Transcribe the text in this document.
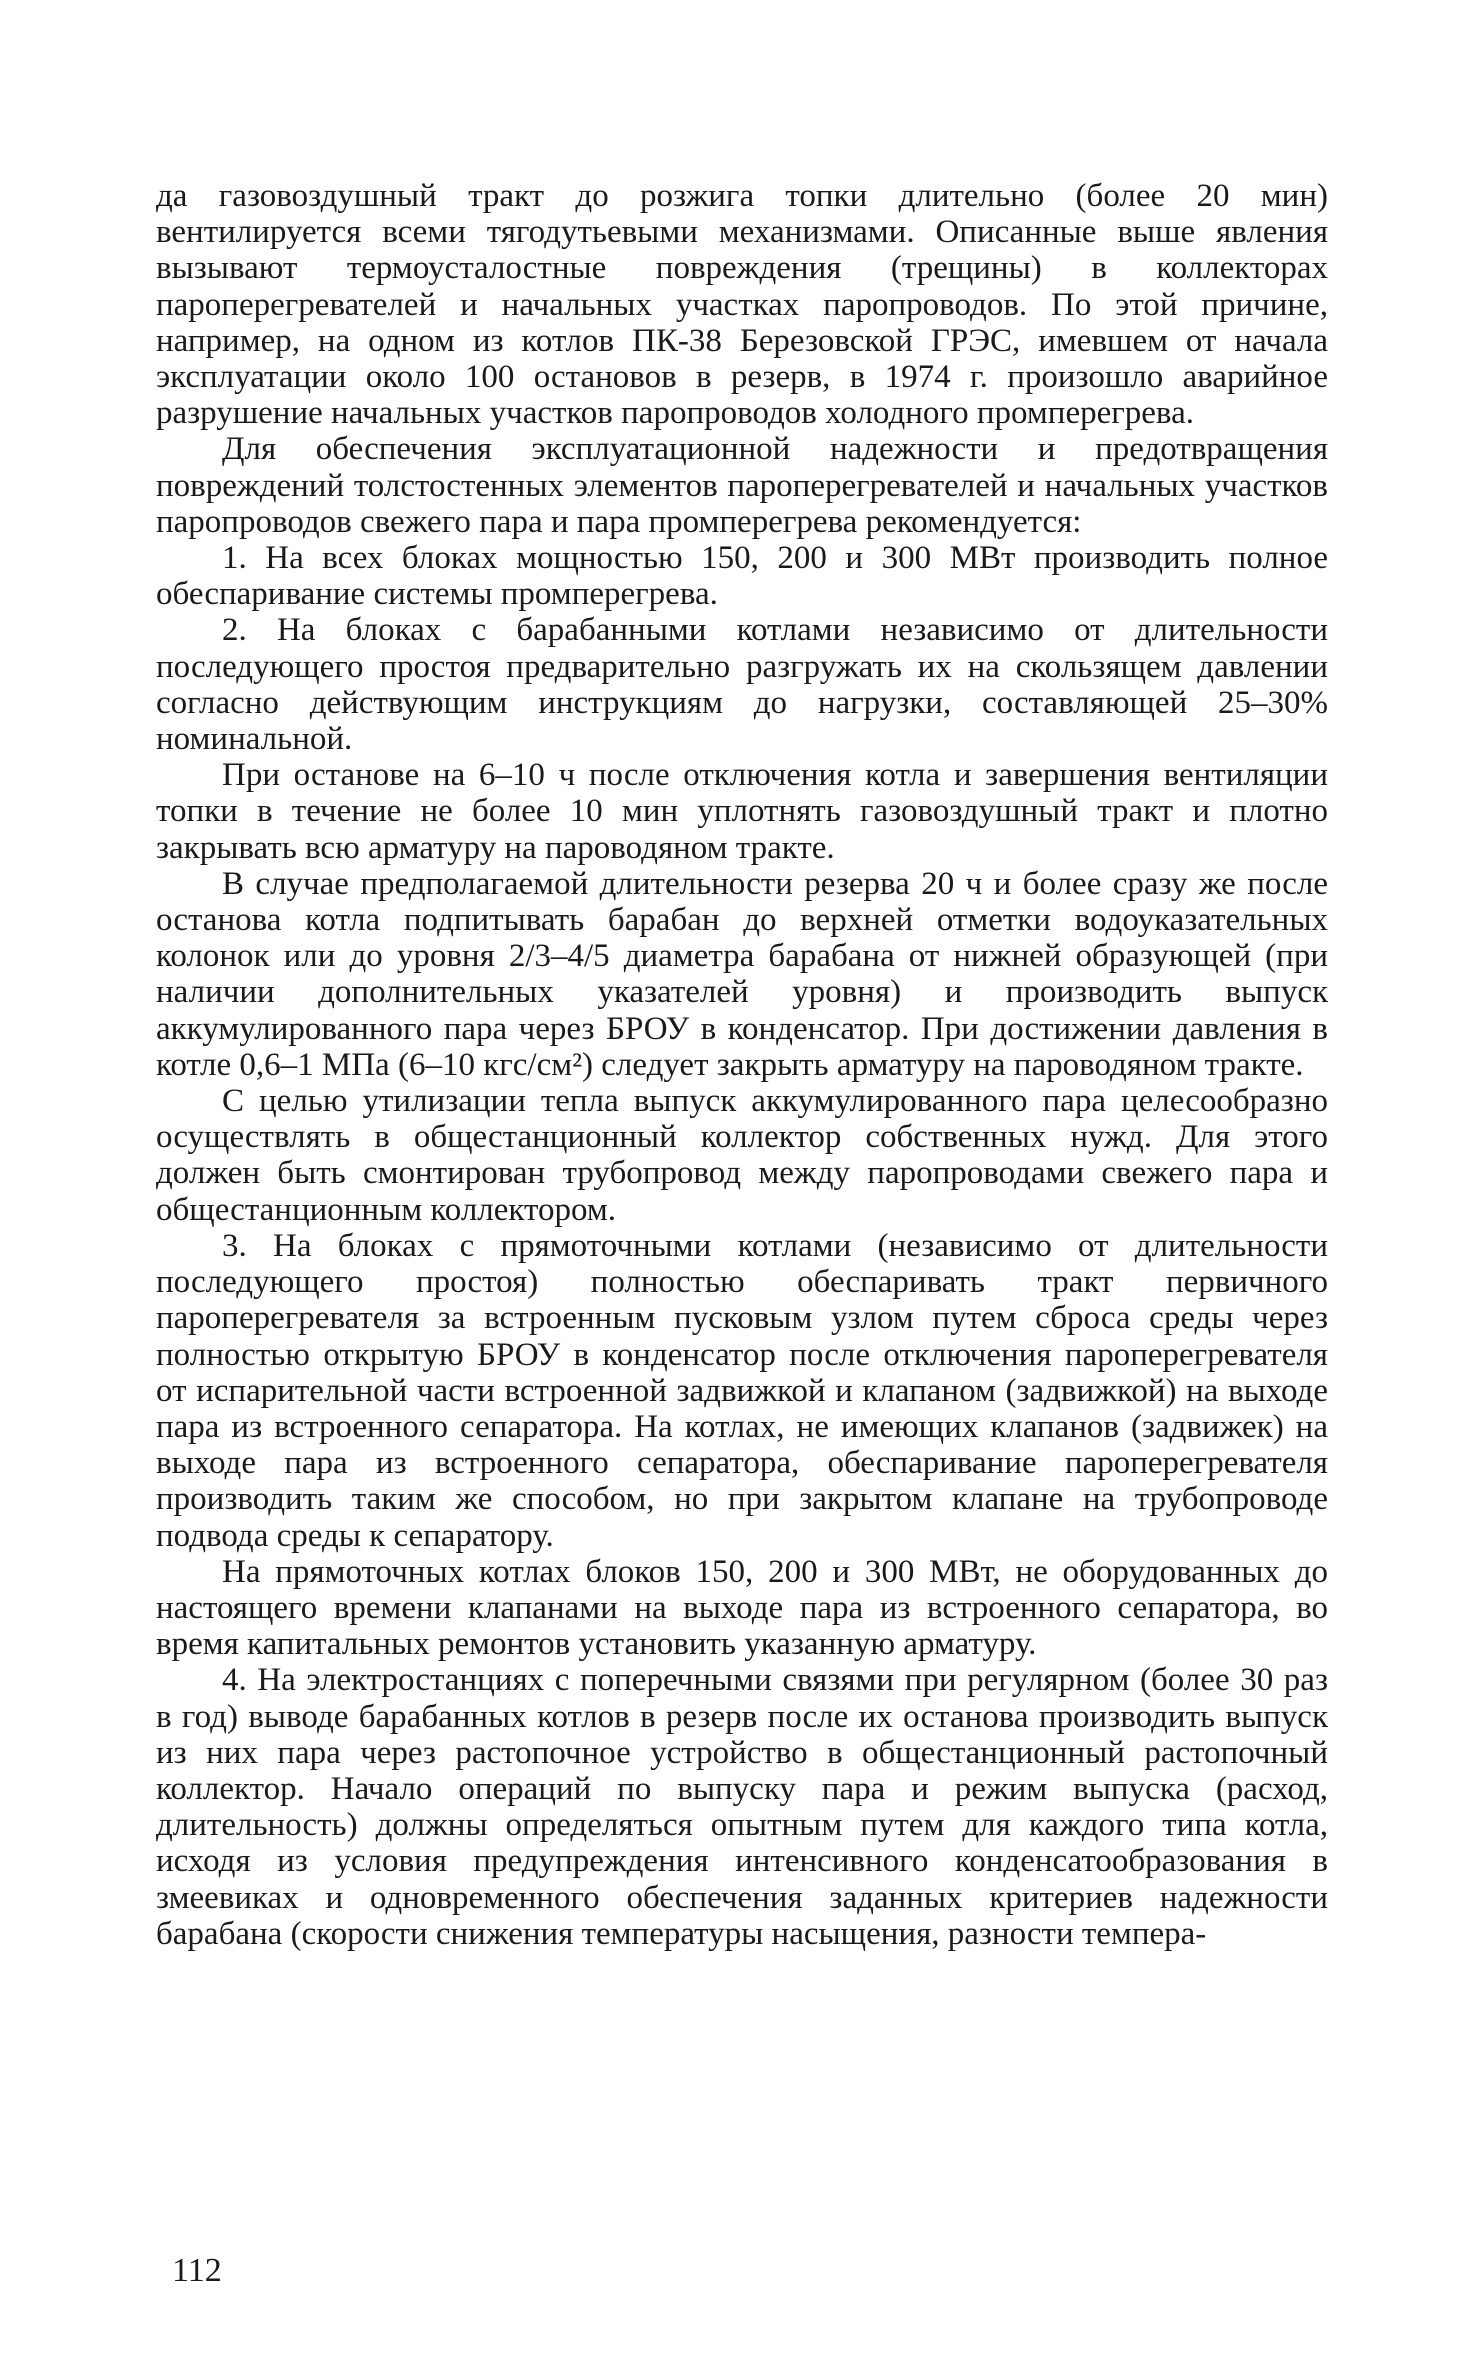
да газовоздушный тракт до розжига топки длительно (более 20 мин) вентилируется всеми тягодутьевыми механизмами. Описанные выше явления вызывают термоусталостные повреждения (трещины) в коллекторах пароперегревателей и начальных участках паропроводов. По этой причине, например, на одном из котлов ПК-38 Березовской ГРЭС, имевшем от начала эксплуатации около 100 остановов в резерв, в 1974 г. произошло аварийное разрушение начальных участков паропроводов холодного промперегрева.

Для обеспечения эксплуатационной надежности и предотвращения повреждений толстостенных элементов пароперегревателей и начальных участков паропроводов свежего пара и пара промперегрева рекомендуется:

1. На всех блоках мощностью 150, 200 и 300 МВт производить полное обеспаривание системы промперегрева.

2. На блоках с барабанными котлами независимо от длительности последующего простоя предварительно разгружать их на скользящем давлении согласно действующим инструкциям до нагрузки, составляющей 25–30% номинальной.

При останове на 6–10 ч после отключения котла и завершения вентиляции топки в течение не более 10 мин уплотнять газовоздушный тракт и плотно закрывать всю арматуру на пароводяном тракте.

В случае предполагаемой длительности резерва 20 ч и более сразу же после останова котла подпитывать барабан до верхней отметки водоуказательных колонок или до уровня 2/3–4/5 диаметра барабана от нижней образующей (при наличии дополнительных указателей уровня) и производить выпуск аккумулированного пара через БРОУ в конденсатор. При достижении давления в котле 0,6–1 МПа (6–10 кгс/см²) следует закрыть арматуру на пароводяном тракте.

С целью утилизации тепла выпуск аккумулированного пара целесообразно осуществлять в общестанционный коллектор собственных нужд. Для этого должен быть смонтирован трубопровод между паропроводами свежего пара и общестанционным коллектором.

3. На блоках с прямоточными котлами (независимо от длительности последующего простоя) полностью обеспаривать тракт первичного пароперегревателя за встроенным пусковым узлом путем сброса среды через полностью открытую БРОУ в конденсатор после отключения пароперегревателя от испарительной части встроенной задвижкой и клапаном (задвижкой) на выходе пара из встроенного сепаратора. На котлах, не имеющих клапанов (задвижек) на выходе пара из встроенного сепаратора, обеспаривание пароперегревателя производить таким же способом, но при закрытом клапане на трубопроводе подвода среды к сепаратору.

На прямоточных котлах блоков 150, 200 и 300 МВт, не оборудованных до настоящего времени клапанами на выходе пара из встроенного сепаратора, во время капитальных ремонтов установить указанную арматуру.

4. На электростанциях с поперечными связями при регулярном (более 30 раз в год) выводе барабанных котлов в резерв после их останова производить выпуск из них пара через растопочное устройство в общестанционный растопочный коллектор. Начало операций по выпуску пара и режим выпуска (расход, длительность) должны определяться опытным путем для каждого типа котла, исходя из условия предупреждения интенсивного конденсатообразования в змеевиках и одновременного обеспечения заданных критериев надежности барабана (скорости снижения температуры насыщения, разности темпера-

112
